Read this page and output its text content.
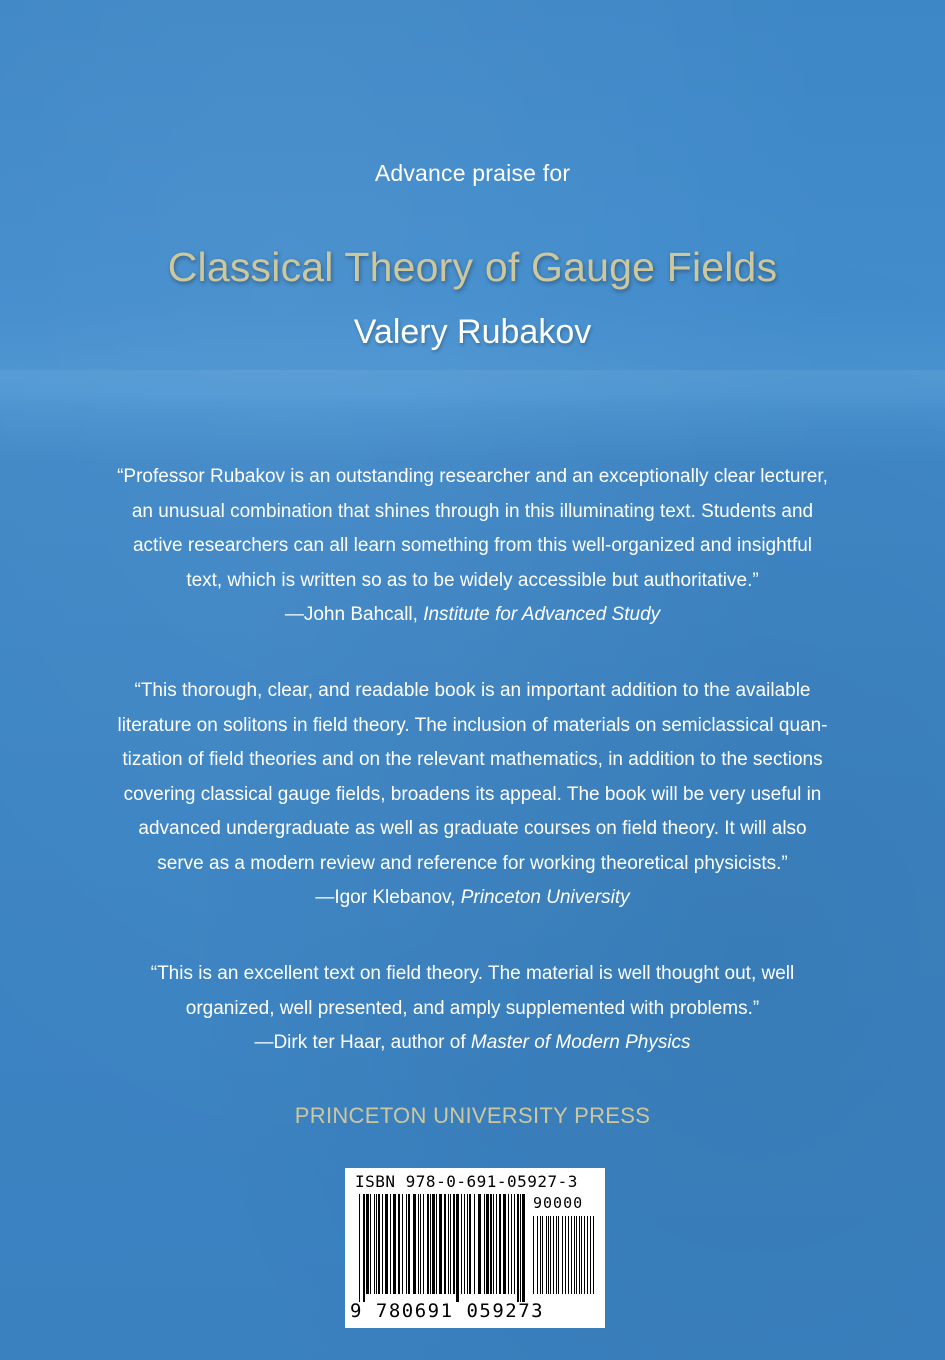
Advance praise for
Classical Theory of Gauge Fields
Valery Rubakov
“Professor Rubakov is an outstanding researcher and an exceptionally clear lecturer,
an unusual combination that shines through in this illuminating text. Students and
active researchers can all learn something from this well-organized and insightful
text, which is written so as to be widely accessible but authoritative.”
—John Bahcall, Institute for Advanced Study
“This thorough, clear, and readable book is an important addition to the available
literature on solitons in field theory. The inclusion of materials on semiclassical quan-
tization of field theories and on the relevant mathematics, in addition to the sections
covering classical gauge fields, broadens its appeal. The book will be very useful in
advanced undergraduate as well as graduate courses on field theory. It will also
serve as a modern review and reference for working theoretical physicists.”
—Igor Klebanov, Princeton University
“This is an excellent text on field theory. The material is well thought out, well
organized, well presented, and amply supplemented with problems.”
—Dirk ter Haar, author of Master of Modern Physics
PRINCETON UNIVERSITY PRESS
ISBN 978-0-691-05927-3
90000
9 780691 059273
